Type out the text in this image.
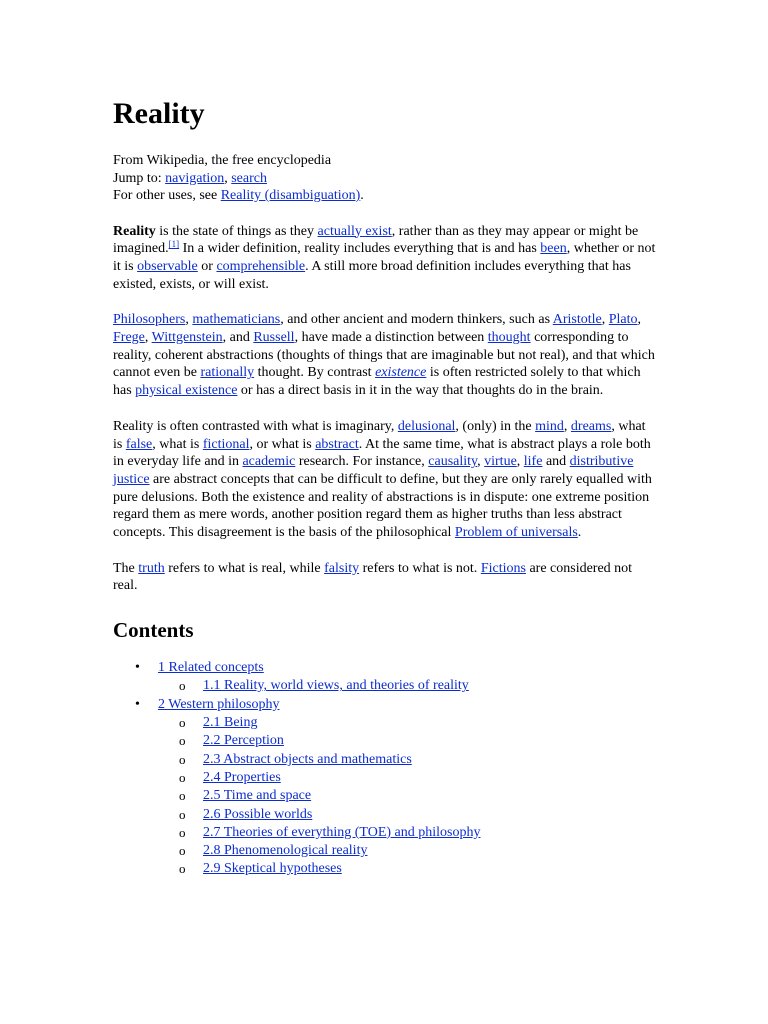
Reality
From Wikipedia, the free encyclopedia
Jump to: navigation, search
For other uses, see Reality (disambiguation).

Reality is the state of things as they actually exist, rather than as they may appear or might be imagined.[1] In a wider definition, reality includes everything that is and has been, whether or not it is observable or comprehensible. A still more broad definition includes everything that has existed, exists, or will exist.

Philosophers, mathematicians, and other ancient and modern thinkers, such as Aristotle, Plato, Frege, Wittgenstein, and Russell, have made a distinction between thought corresponding to reality, coherent abstractions (thoughts of things that are imaginable but not real), and that which cannot even be rationally thought. By contrast existence is often restricted solely to that which has physical existence or has a direct basis in it in the way that thoughts do in the brain.

Reality is often contrasted with what is imaginary, delusional, (only) in the mind, dreams, what is false, what is fictional, or what is abstract. At the same time, what is abstract plays a role both in everyday life and in academic research. For instance, causality, virtue, life and distributive justice are abstract concepts that can be difficult to define, but they are only rarely equalled with pure delusions. Both the existence and reality of abstractions is in dispute: one extreme position regard them as mere words, another position regard them as higher truths than less abstract concepts. This disagreement is the basis of the philosophical Problem of universals.

The truth refers to what is real, while falsity refers to what is not. Fictions are considered not real.

Contents
• 1 Related concepts
o 1.1 Reality, world views, and theories of reality
• 2 Western philosophy
o 2.1 Being
o 2.2 Perception
o 2.3 Abstract objects and mathematics
o 2.4 Properties
o 2.5 Time and space
o 2.6 Possible worlds
o 2.7 Theories of everything (TOE) and philosophy
o 2.8 Phenomenological reality
o 2.9 Skeptical hypotheses
